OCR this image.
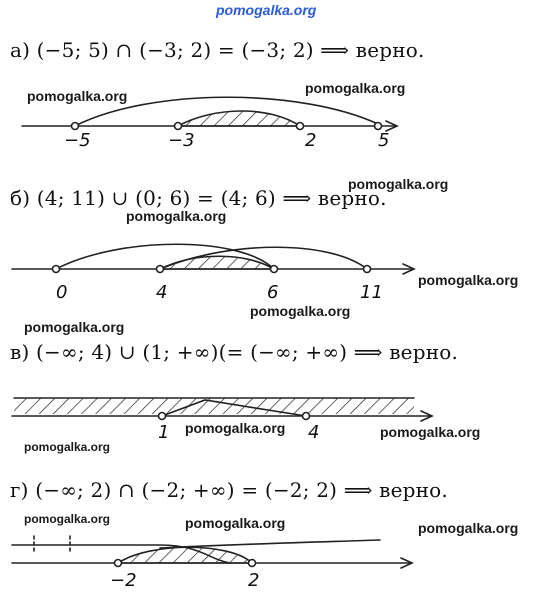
pomogalka.org
а) (−5; 5) ∩ (−3; 2) = (−3; 2) ⟹ верно.
pomogalka.org	pomogalka.org
б) (4; 11) ∪ (0; 6) = (4; 6) ⟹ верно.
pomogalka.org
pomogalka.org
pomogalka.org
pomogalka.org
pomogalka.org
в) (−∞; 4) ∪ (1; +∞)(= (−∞; +∞) ⟹ верно.
pomogalka.org	pomogalka.org
pomogalka.org
г) (−∞; 2) ∩ (−2; +∞) = (−2; 2) ⟹ верно.
pomogalka.org	pomogalka.org	pomogalka.org
−5	−3	2	5
0	4	6	11
1	4
−2	2
